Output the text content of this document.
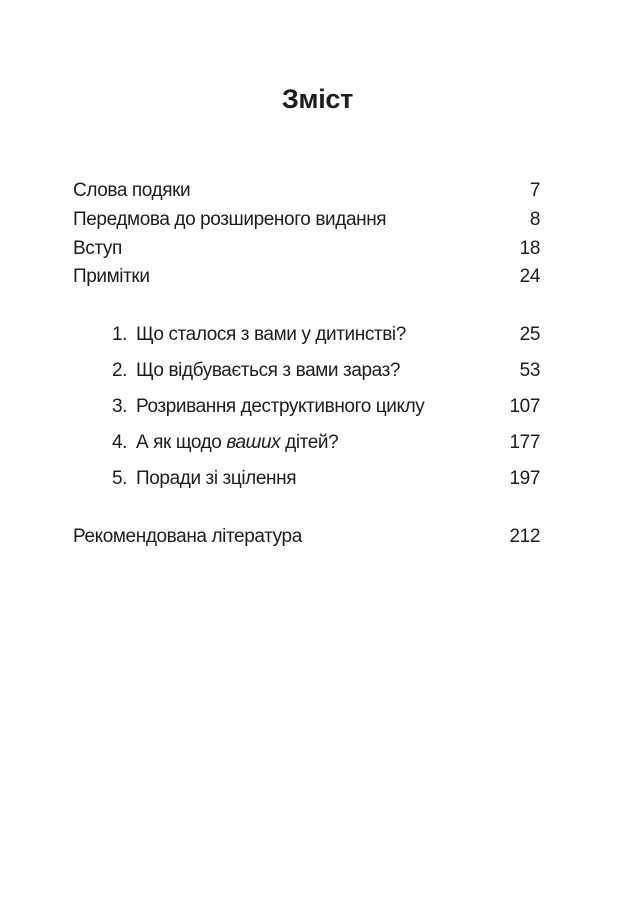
Зміст
Слова подяки	7
Передмова до розширеного видання	8
Вступ	18
Примітки	24
1. Що сталося з вами у дитинстві?	25
2. Що відбувається з вами зараз?	53
3. Розривання деструктивного циклу	107
4. А як щодо ваших дітей?	177
5. Поради зі зцілення	197
Рекомендована література	212
